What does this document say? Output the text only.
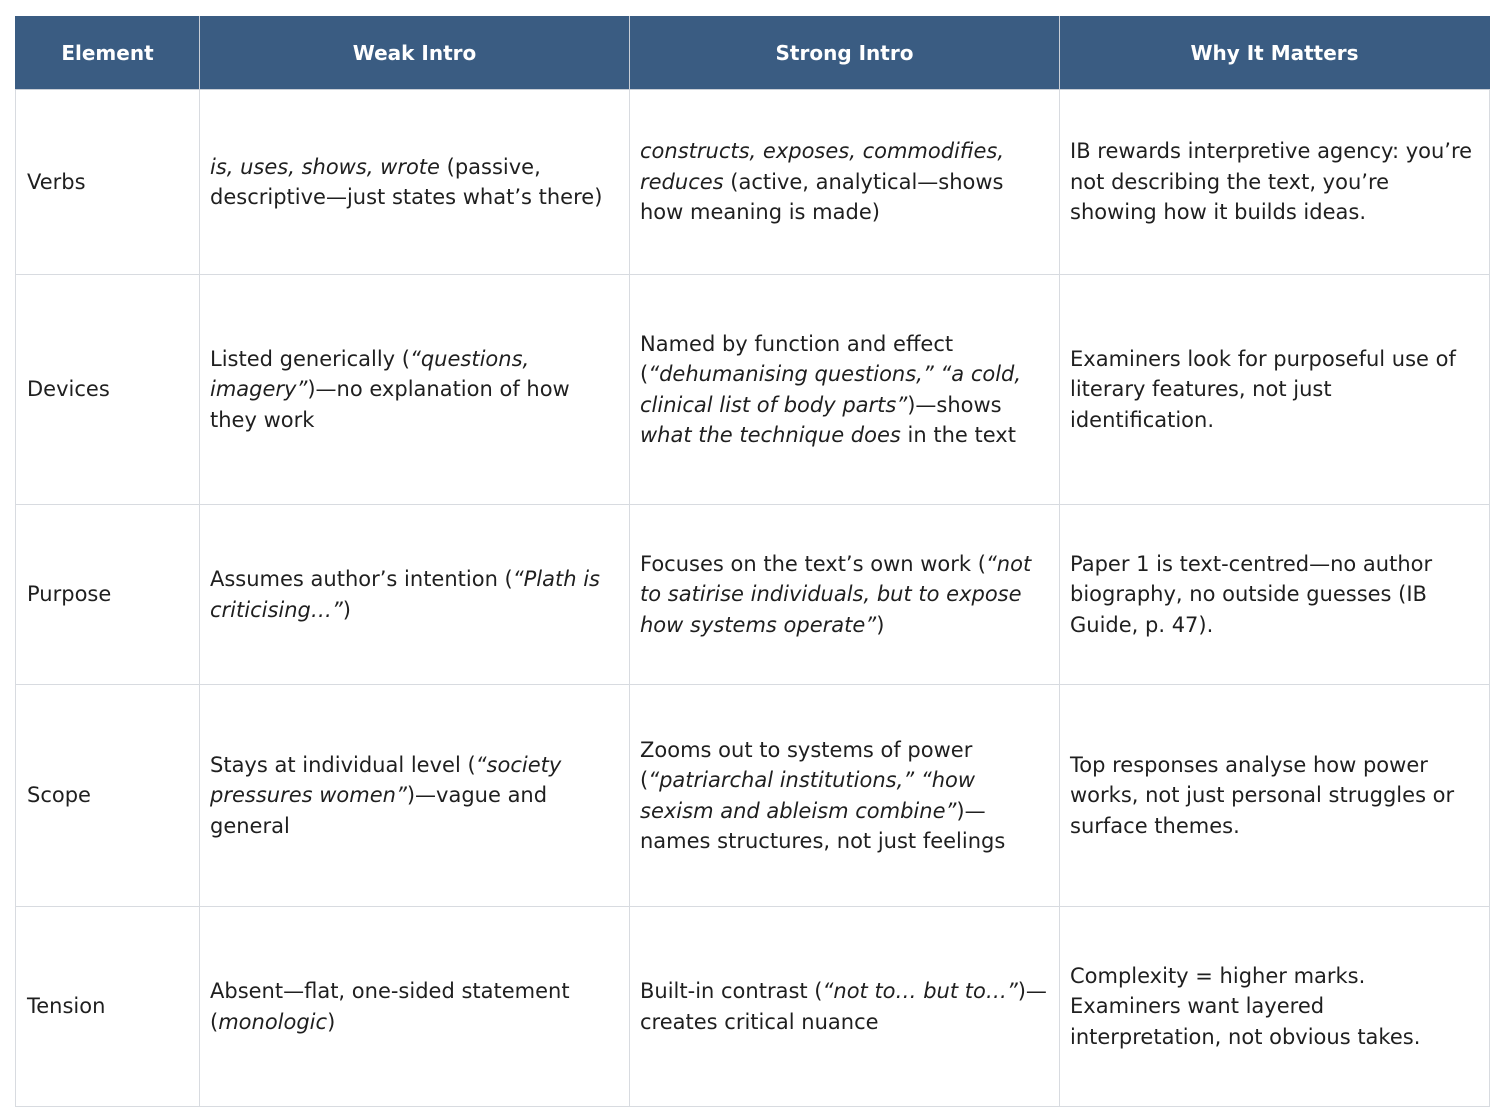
Element	Weak Intro	Strong Intro	Why It Matters
Verbs	is, uses, shows, wrote (passive, descriptive—just states what’s there)	constructs, exposes, commodifies, reduces (active, analytical—shows how meaning is made)	IB rewards interpretive agency: you’re not describing the text, you’re showing how it builds ideas.
Devices	Listed generically (“questions, imagery”)—no explanation of how they work	Named by function and effect (“dehumanising questions,” “a cold, clinical list of body parts”)—shows what the technique does in the text	Examiners look for purposeful use of literary features, not just identification.
Purpose	Assumes author’s intention (“Plath is criticising…”)	Focuses on the text’s own work (“not to satirise individuals, but to expose how systems operate”)	Paper 1 is text-centred—no author biography, no outside guesses (IB Guide, p. 47).
Scope	Stays at individual level (“society pressures women”)—vague and general	Zooms out to systems of power (“patriarchal institutions,” “how sexism and ableism combine”)—names structures, not just feelings	Top responses analyse how power works, not just personal struggles or surface themes.
Tension	Absent—flat, one-sided statement (monologic)	Built-in contrast (“not to… but to…”)—creates critical nuance	Complexity = higher marks. Examiners want layered interpretation, not obvious takes.
